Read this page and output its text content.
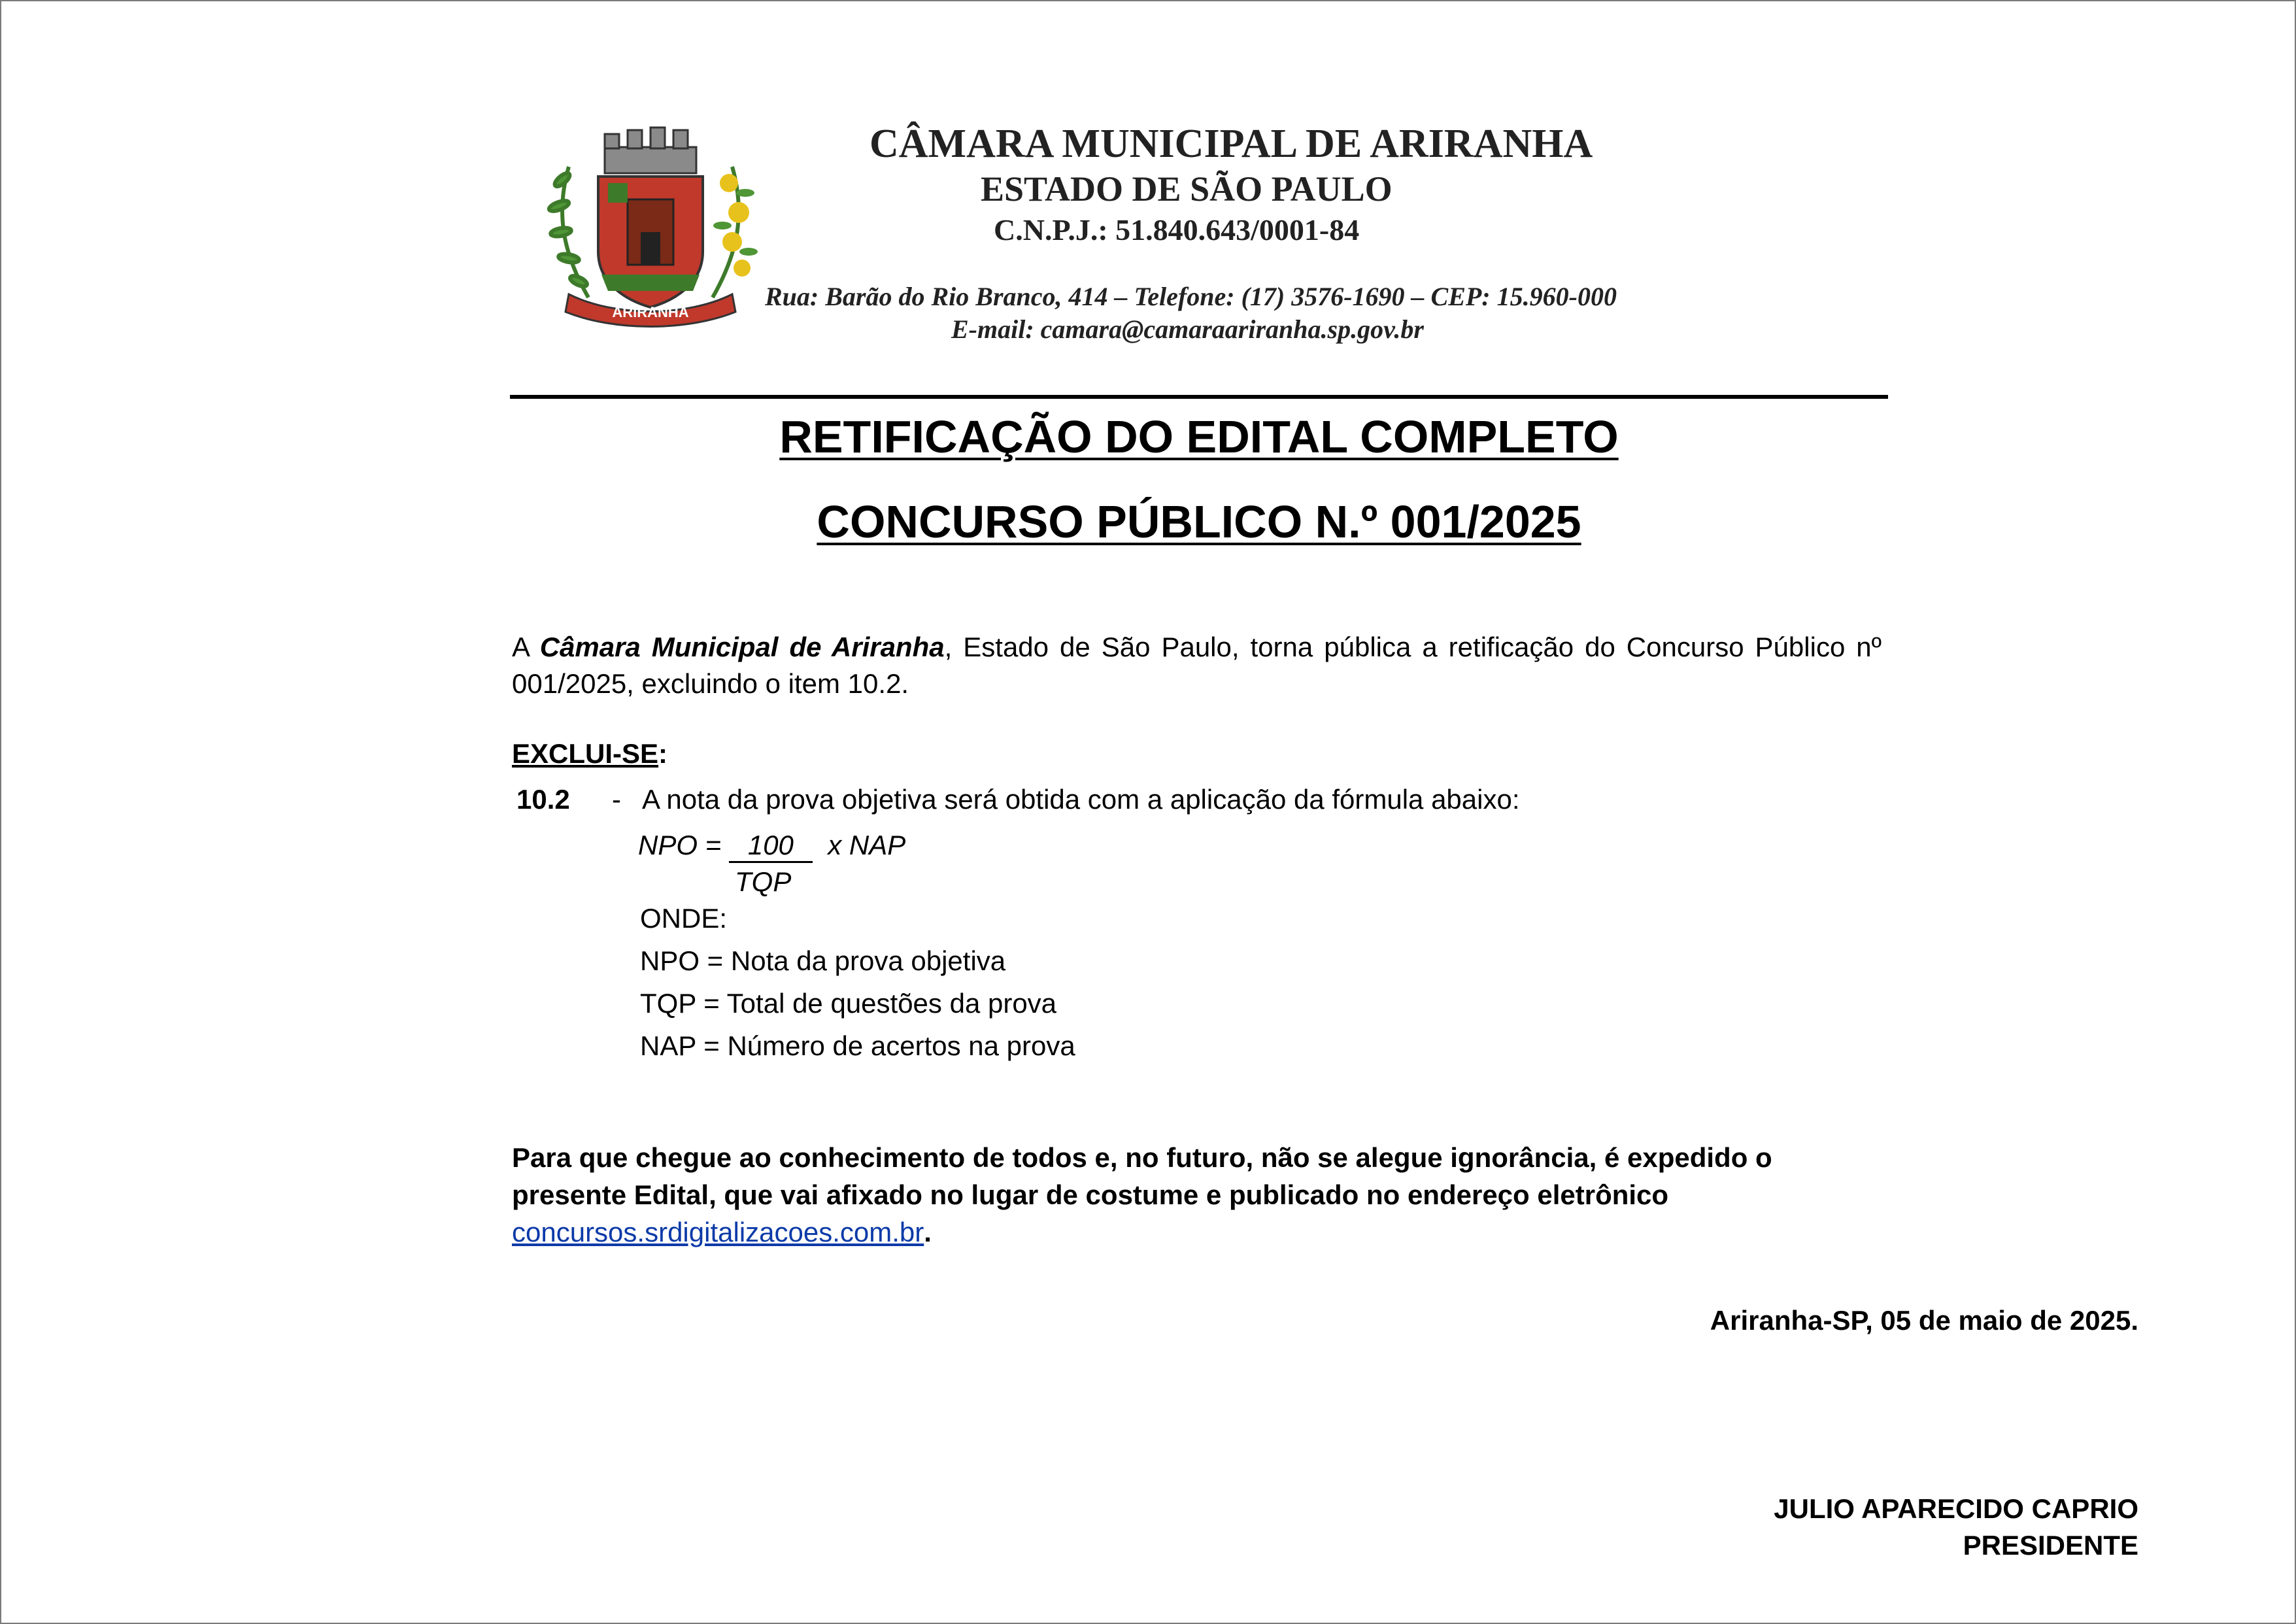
ARIRANHA
CÂMARA MUNICIPAL DE ARIRANHA
ESTADO DE SÃO PAULO
C.N.P.J.: 51.840.643/0001-84
Rua: Barão do Rio Branco, 414 – Telefone: (17) 3576-1690 – CEP: 15.960-000
E-mail: camara@camaraariranha.sp.gov.br
RETIFICAÇÃO DO EDITAL COMPLETO
CONCURSO PÚBLICO N.º 001/2025
A Câmara Municipal de Ariranha, Estado de São Paulo, torna pública a retificação do Concurso Público nº 001/2025, excluindo o item 10.2.
EXCLUI-SE:
10.2 - A nota da prova objetiva será obtida com a aplicação da fórmula abaixo:
NPO = 100 x NAP
TQP
ONDE:
NPO = Nota da prova objetiva
TQP = Total de questões da prova
NAP = Número de acertos na prova
Para que chegue ao conhecimento de todos e, no futuro, não se alegue ignorância, é expedido o presente Edital, que vai afixado no lugar de costume e publicado no endereço eletrônico concursos.srdigitalizacoes.com.br.
Ariranha-SP, 05 de maio de 2025.
JULIO APARECIDO CAPRIO
PRESIDENTE
